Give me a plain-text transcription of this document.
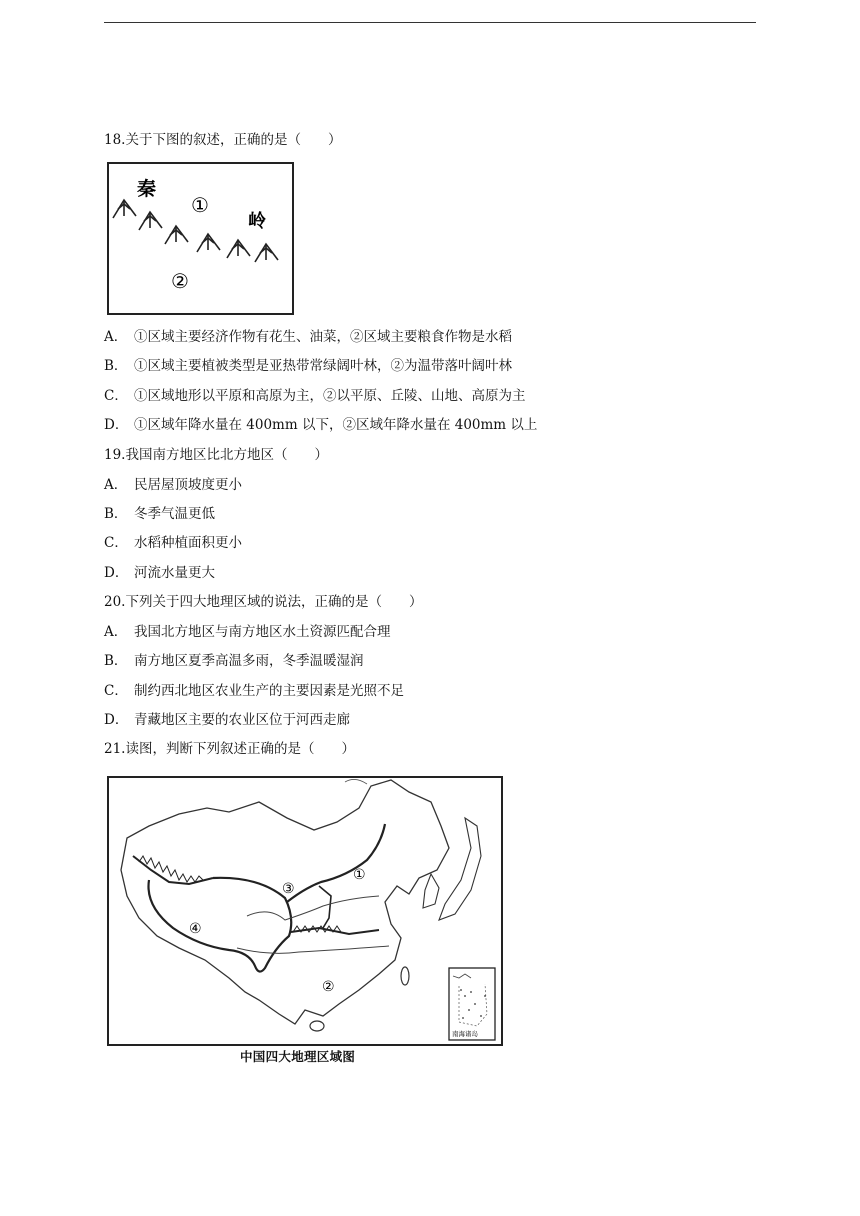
18.关于下图的叙述，正确的是（　　）
秦
岭
①
②
A． ①区域主要经济作物有花生、油菜，②区域主要粮食作物是水稻
B． ①区域主要植被类型是亚热带常绿阔叶林，②为温带落叶阔叶林
C． ①区域地形以平原和高原为主，②以平原、丘陵、山地、高原为主
D． ①区域年降水量在 400mm 以下，②区域年降水量在 400mm 以上
19.我国南方地区比北方地区（　　）
A． 民居屋顶坡度更小
B． 冬季气温更低
C． 水稻种植面积更小
D． 河流水量更大
20.下列关于四大地理区域的说法，正确的是（　　）
A． 我国北方地区与南方地区水土资源匹配合理
B． 南方地区夏季高温多雨，冬季温暖湿润
C． 制约西北地区农业生产的主要因素是光照不足
D． 青藏地区主要的农业区位于河西走廊
21.读图，判断下列叙述正确的是（　　）
①
②
③
④
南海诸岛
中国四大地理区域图
